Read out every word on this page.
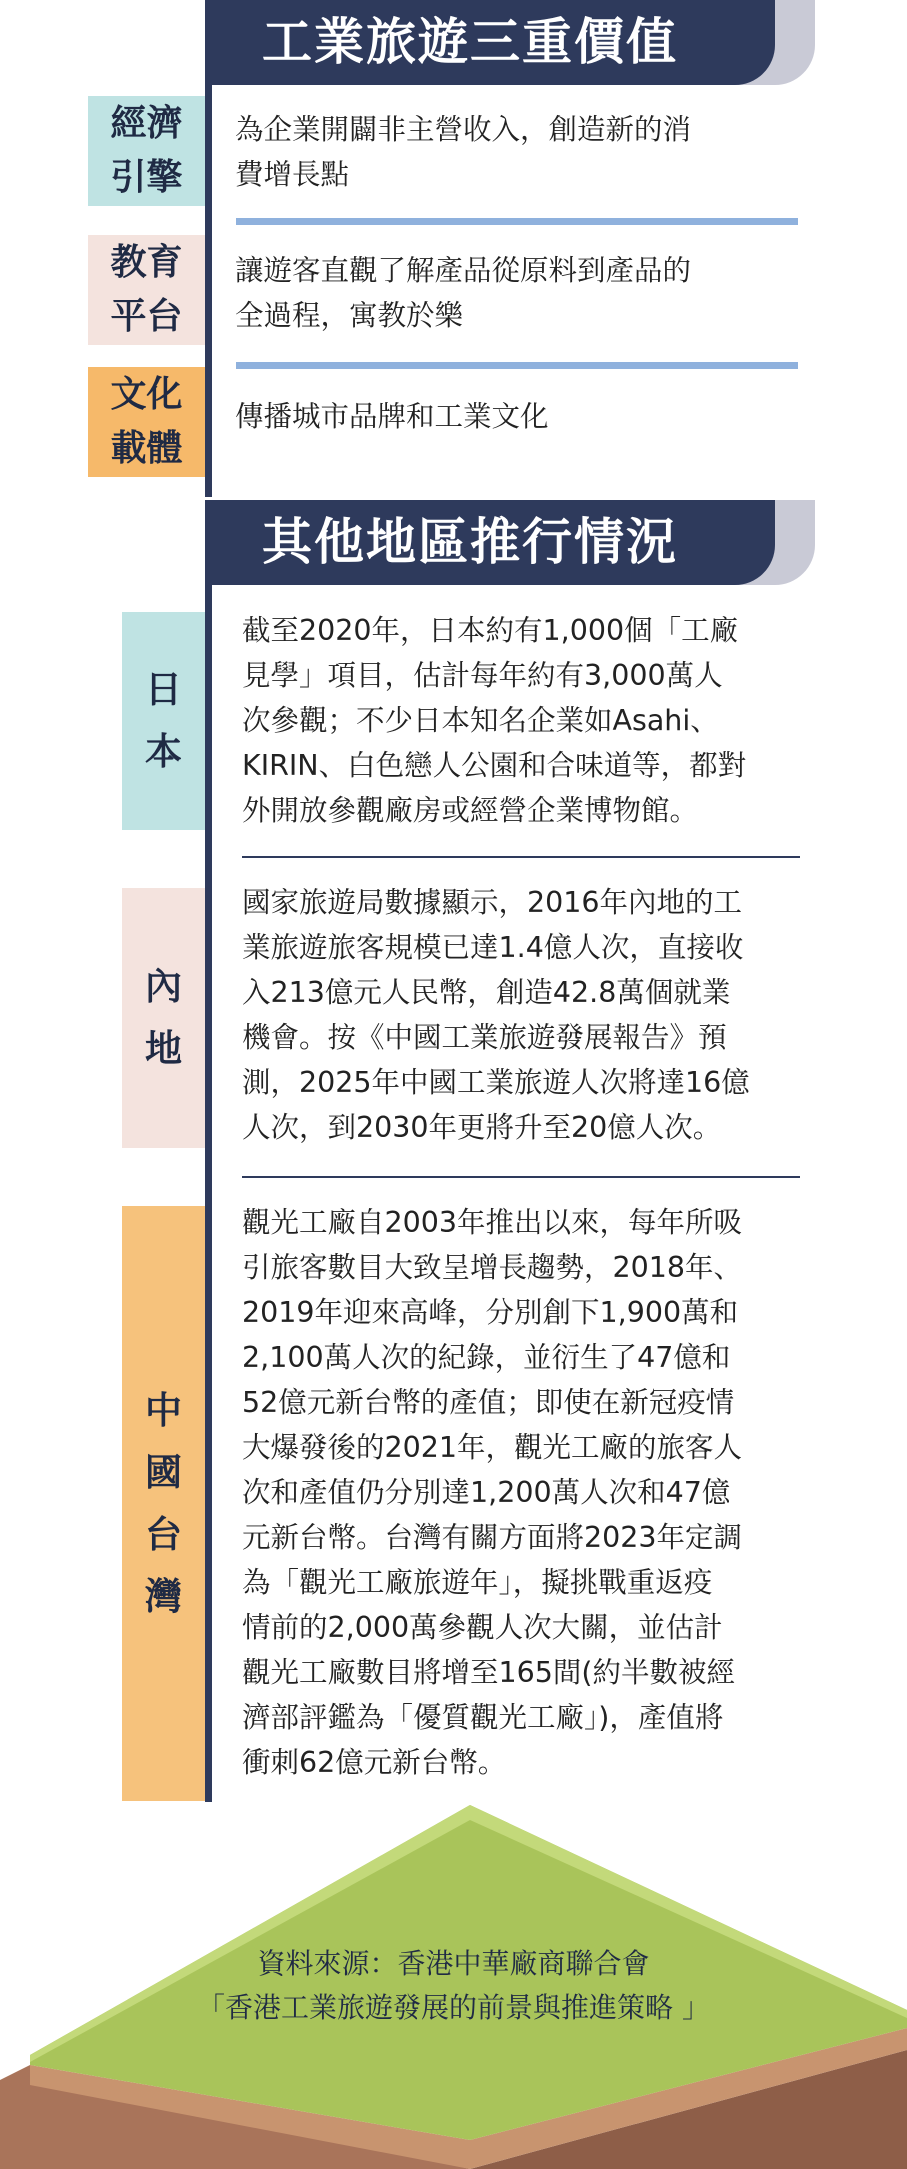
工業旅遊三重價值
經濟
引擎
為企業開闢非主營收入，創造新的消
費增長點
教育
平台
讓遊客直觀了解產品從原料到產品的
全過程，寓教於樂
文化
載體
傳播城市品牌和工業文化
其他地區推行情況
日本
截至2020年，日本約有1,000個「工廠
見學」項目，估計每年約有3,000萬人
次參觀；不少日本知名企業如Asahi、
KIRIN、白色戀人公園和合味道等，都對
外開放參觀廠房或經營企業博物館。
內地
國家旅遊局數據顯示，2016年內地的工
業旅遊旅客規模已達1.4億人次，直接收
入213億元人民幣，創造42.8萬個就業
機會。按《中國工業旅遊發展報告》預
測，2025年中國工業旅遊人次將達16億
人次，到2030年更將升至20億人次。
中國台灣
觀光工廠自2003年推出以來，每年所吸
引旅客數目大致呈增長趨勢，2018年、
2019年迎來高峰，分別創下1,900萬和
2,100萬人次的紀錄，並衍生了47億和
52億元新台幣的產值；即使在新冠疫情
大爆發後的2021年，觀光工廠的旅客人
次和產值仍分別達1,200萬人次和47億
元新台幣。台灣有關方面將2023年定調
為「觀光工廠旅遊年」，擬挑戰重返疫
情前的2,000萬參觀人次大關，並估計
觀光工廠數目將增至165間(約半數被經
濟部評鑑為「優質觀光工廠」)，產值將
衝刺62億元新台幣。
資料來源：香港中華廠商聯合會
「香港工業旅遊發展的前景與推進策略 」
